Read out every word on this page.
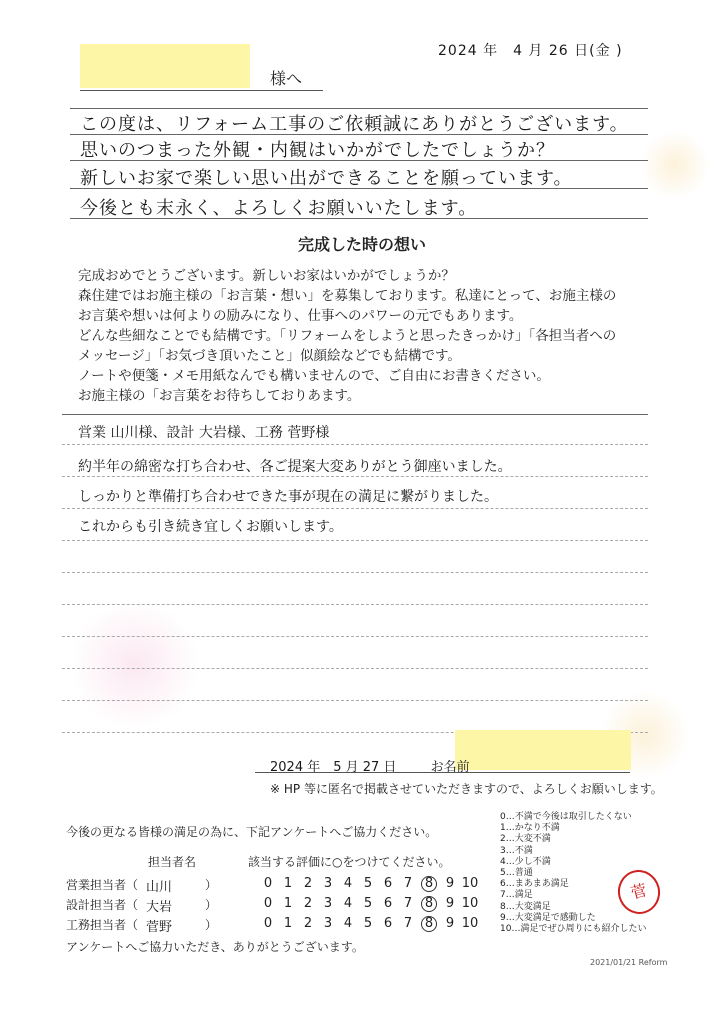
2024 年　4 月 26 日(金 )
様へ
この度は、リフォーム工事のご依頼誠にありがとうございます。
思いのつまった外観・内観はいかがでしたでしょうか？
新しいお家で楽しい思い出ができることを願っています。
今後とも末永く、よろしくお願いいたします。
完成した時の想い
完成おめでとうございます。新しいお家はいかがでしょうか？
森住建ではお施主様の「お言葉・想い」を募集しております。私達にとって、お施主様の
お言葉や想いは何よりの励みになり、仕事へのパワーの元でもあります。
どんな些細なことでも結構です。「リフォームをしようと思ったきっかけ」「各担当者への
メッセージ」「お気づき頂いたこと」似顔絵などでも結構です。
ノートや便箋・メモ用紙なんでも構いませんので、ご自由にお書きください。
お施主様の「お言葉をお待ちしておりあます。
営業 山川様、設計 大岩様、工務 菅野様
約半年の綿密な打ち合わせ、各ご提案大変ありがとう御座いました。
しっかりと準備打ち合わせできた事が現在の満足に繋がりました。
これからも引き続き宜しくお願いします。
2024 年　5 月 27 日	お名前
※ HP 等に匿名で掲載させていただきますので、よろしくお願いします。
今後の更なる皆様の満足の為に、下記アンケートへご協力ください。
担当者名	該当する評価に○をつけてください。
営業担当者（ 山川	）	0 1 2 3 4 5 6 7 8 9 10
設計担当者（ 大岩	）	0 1 2 3 4 5 6 7 8 9 10
工務担当者（ 菅野	）	0 1 2 3 4 5 6 7 8 9 10
アンケートへご協力いただき、ありがとうございます。
0…不満で今後は取引したくない
1…かなり不満
2…大変不満
3…不満
4…少し不満
5…普通
6…まあまあ満足
7…満足
8…大変満足
9…大変満足で感動した
10…満足でぜひ周りにも紹介したい
菅
2021/01/21 Reform
